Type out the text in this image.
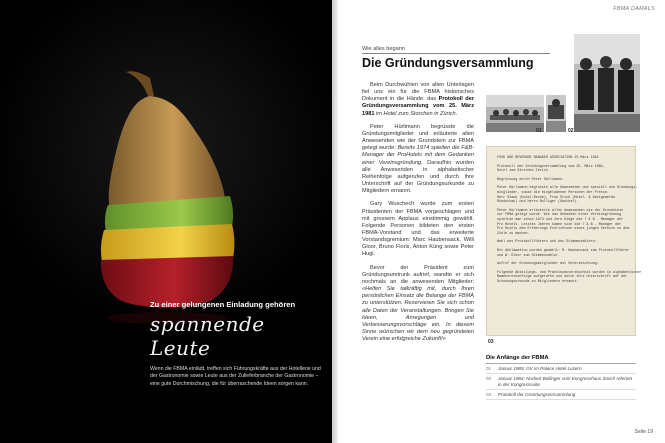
Zu einer gelungenen Einladung gehören
spannende Leute
Wenn die FBMA einlädt, treffen sich Führungskräfte aus der Hotellerie und der Gastronomie sowie Leute aus der Zulieferbranche der Gastronomie – eine gute Durchmischung, die für überraschende Ideen sorgen kann.
FBMA DAMALS
Wie alles begann
Die Gründungsversammlung

Beim Durchwühlen von alten Unterlagen fiel uns ein für die FBMA historisches Dokument in die Hände: das Protokoll der Gründungsversammlung vom 25. März 1981 im Hotel zum Storchen in Zürich.

Peter Hürlimann begrüsste die Gründungsmitglieder und erläuterte allen Anwesenden wie der Grundstein zur FBMA gelegt wurde: Bereits 1974 spielten die F&B-Manager der ProHotels mit dem Gedanken einer Vereinsgründung. Daraufhin wurden alle Anwesenden in alphabetischer Reihenfolge aufgerufen und durch ihre Unterschrift auf der Gründungsurkunde zu Mitgliedern ernannt.

Gary Wuschech wurde zum ersten Präsidenten der FBMA vorgeschlagen und mit grossem Applaus einstimmig gewählt. Folgende Personen bildeten den ersten FBMA-Vorstand und das erweiterte Vorstandsgremium: Marc Haubensack, Willi Gloor, Bruno Floris, Anton Küng sowie Peter Hugi.

Bevor der Präsident zum Gründungsumtrunk aufrief, wandte er sich nochmals an die anwesenden Mitglieder: «Helfen Sie tatkräftig mit, durch Ihren persönlichen Einsatz die Belange der FBMA zu unterstützen. Reservieren Sie sich schon alle Daten der Veranstaltungen. Bringen Sie Ideen, Anregungen und Verbesserungsvorschläge ein. In diesem Sinne wünschen wir dem neu gegründeten Verein eine erfolgreiche Zukunft!»

01	02
FOOD AND BEVERAGE MANAGER ASSOCIATION 25.März 1981
Protokoll der Gründungsversammlung vom 25. März 1981,
Hotel zum Storchen Zürich
Begrüssung durch Peter Hürlimann.
Peter Hürlimann begrüsste alle Anwesenden und speziell die Gründungs-
mitglieder, sowie die eingeladenen Personen der Presse.
Herr Staub (Hotel-Revue), Frau Stich (Hotel- & Gastgewerbe-
Rundschau) und Herrn Bolliger (Gasthof).
Peter Hürlimann erläuterte allen Anwesenden wie der Grundstein
zur FBMA gelegt wurde. Wie das Gedanken einer Vereinsgründung
spielten man schon 1974 und ihre Dinge die 7 & B - Manager der
Pro Hotels. Letztes Jahres kamen sich die 7 & B - Manager der
Pro Hotels dem Erfahrungs Einrichtsen eines jungen Vereins zu dem
Ziele zu machen.
Wahl des Protokollführers und des Stimmenzählers:
Mit Akklamation wurden gewählt: M. Haubensack zum Protokollführer
und W. Gloor zum Stimmenzähler.
Aufruf der Gründungsmitglieder mit Unterzeichnung:
Folgende Abteilungs- und Praktikumsverzeichnis wurden in alphabetischer
Namensreihenfolge aufgerufen und durch ihre Unterschrift auf der
Gründungsurkunde zu Mitgliedern ernannt:
03
Die Anfänge der FBMA
01	Januar 1985: GV im Palace Hotel Luzern
02	Januar 1984: Norbert Bollinger vom Kongresshaus Zürich referiert in der Kongresssuite
03	Protokoll der Gründungsversammlung
Seite 19
